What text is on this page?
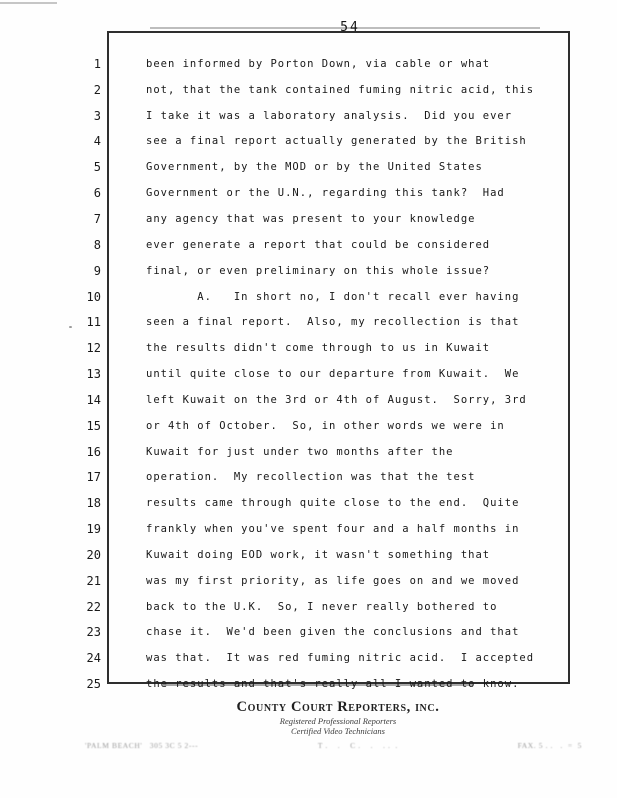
54
1	been informed by Porton Down, via cable or what
2	not, that the tank contained fuming nitric acid, this
3	I take it was a laboratory analysis.  Did you ever
4	see a final report actually generated by the British
5	Government, by the MOD or by the United States
6	Government or the U.N., regarding this tank?  Had
7	any agency that was present to your knowledge
8	ever generate a report that could be considered
9	final, or even preliminary on this whole issue?
10	A.   In short no, I don't recall ever having
11	seen a final report.  Also, my recollection is that
12	the results didn't come through to us in Kuwait
13	until quite close to our departure from Kuwait.  We
14	left Kuwait on the 3rd or 4th of August.  Sorry, 3rd
15	or 4th of October.  So, in other words we were in
16	Kuwait for just under two months after the
17	operation.  My recollection was that the test
18	results came through quite close to the end.  Quite
19	frankly when you've spent four and a half months in
20	Kuwait doing EOD work, it wasn't something that
21	was my first priority, as life goes on and we moved
22	back to the U.K.  So, I never really bothered to
23	chase it.  We'd been given the conclusions and that
24	was that.  It was red fuming nitric acid.  I accepted
25	the results and that's really all I wanted to know.
County Court Reporters, inc.
Registered Professional Reporters
Certified Video Technicians
'PALM BEACH'   305 3C 5 2---	T .    .    C .    .    . .  .	FAX. 5 . .   .  =  5
